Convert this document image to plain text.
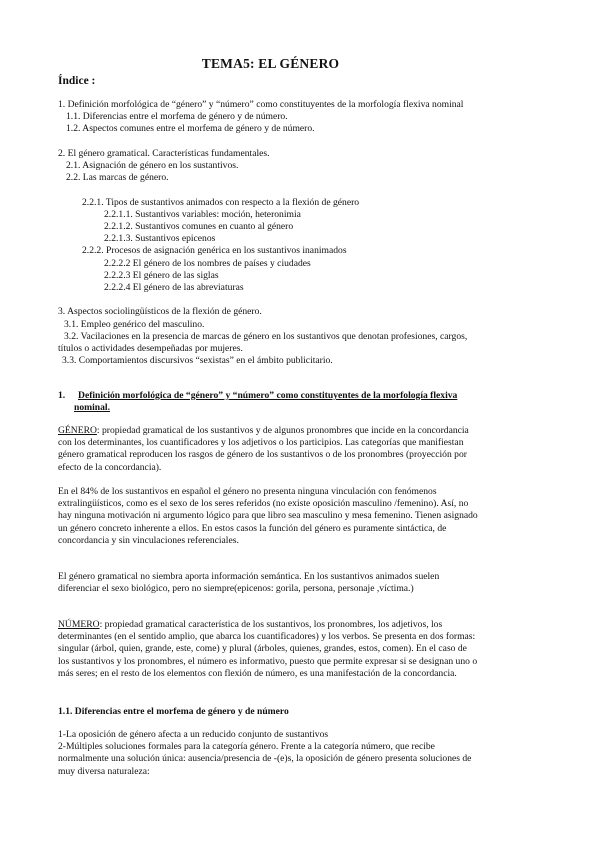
TEMA5: EL GÉNERO
Índice :
1. Definición morfológica de “género” y “número” como constituyentes de la morfología flexiva nominal
1.1. Diferencias entre el morfema de género y de número.
1.2. Aspectos comunes entre el morfema de género y de número.

2. El género gramatical. Características fundamentales.
2.1. Asignación de género en los sustantivos.
2.2. Las marcas de género.

2.2.1. Tipos de sustantivos animados con respecto a la flexión de género
2.2.1.1. Sustantivos variables: moción, heteronimia
2.2.1.2. Sustantivos comunes en cuanto al género
2.2.1.3. Sustantivos epicenos
2.2.2. Procesos de asignación genérica en los sustantivos inanimados
2.2.2.2 El género de los nombres de países y ciudades
2.2.2.3 El género de las siglas
2.2.2.4 El género de las abreviaturas

3. Aspectos sociolingüísticos de la flexión de género.
3.1. Empleo genérico del masculino.
3.2. Vacilaciones en la presencia de marcas de género en los sustantivos que denotan profesiones, cargos,
títulos o actividades desempeñadas por mujeres.
3.3. Comportamientos discursivos “sexistas” en el ámbito publicitario.
1. Definición morfológica de “género” y “número” como constituyentes de la morfología flexiva
nominal.
GÉNERO: propiedad gramatical de los sustantivos y de algunos pronombres que incide en la concordancia
con los determinantes, los cuantificadores y los adjetivos o los participios. Las categorías que manifiestan
género gramatical reproducen los rasgos de género de los sustantivos o de los pronombres (proyección por
efecto de la concordancia).
En el 84% de los sustantivos en español el género no presenta ninguna vinculación con fenómenos
extralingüísticos, como es el sexo de los seres referidos (no existe oposición masculino /femenino). Así, no
hay ninguna motivación ni argumento lógico para que libro sea masculino y mesa femenino. Tienen asignado
un género concreto inherente a ellos. En estos casos la función del género es puramente sintáctica, de
concordancia y sin vinculaciones referenciales.
El género gramatical no siembra aporta información semántica. En los sustantivos animados suelen
diferenciar el sexo biológico, pero no siempre(epicenos: gorila, persona, personaje ,víctima.)
NÚMERO: propiedad gramatical característica de los sustantivos, los pronombres, los adjetivos, los
determinantes (en el sentido amplio, que abarca los cuantificadores) y los verbos. Se presenta en dos formas:
singular (árbol, quien, grande, este, come) y plural (árboles, quienes, grandes, estos, comen). En el caso de
los sustantivos y los pronombres, el número es informativo, puesto que permite expresar si se designan uno o
más seres; en el resto de los elementos con flexión de número, es una manifestación de la concordancia.
1.1. Diferencias entre el morfema de género y de número
1-La oposición de género afecta a un reducido conjunto de sustantivos
2-Múltiples soluciones formales para la categoría género. Frente a la categoría número, que recibe
normalmente una solución única: ausencia/presencia de -(e)s, la oposición de género presenta soluciones de
muy diversa naturaleza:
